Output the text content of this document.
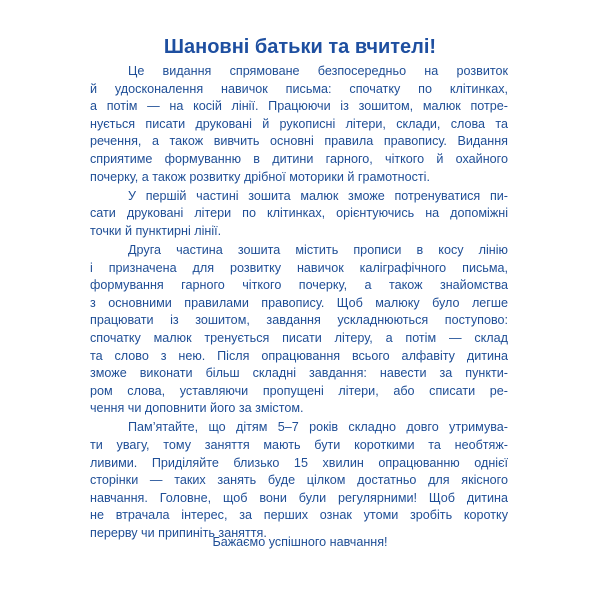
Шановні батьки та вчителі!
Це видання спрямоване безпосередньо на розвиток
й удосконалення навичок письма: спочатку по клітинках,
а потім — на косій лінії. Працюючи із зошитом, малюк потре-
нується писати друковані й рукописні літери, склади, слова та
речення, а також вивчить основні правила правопису. Видання
сприятиме формуванню в дитини гарного, чіткого й охайного
почерку, а також розвитку дрібної моторики й грамотності.
У першій частині зошита малюк зможе потренуватися пи-
сати друковані літери по клітинках, орієнтуючись на допоміжні
точки й пунктирні лінії.
Друга частина зошита містить прописи в косу лінію
і призначена для розвитку навичок каліграфічного письма,
формування гарного чіткого почерку, а також знайомства
з основними правилами правопису. Щоб малюку було легше
працювати із зошитом, завдання ускладнюються поступово:
спочатку малюк тренується писати літеру, а потім — склад
та слово з нею. Після опрацювання всього алфавіту дитина
зможе виконати більш складні завдання: навести за пункти-
ром слова, уставляючи пропущені літери, або списати ре-
чення чи доповнити його за змістом.
Пам’ятайте, що дітям 5–7 років складно довго утримува-
ти увагу, тому заняття мають бути короткими та необтяж-
ливими. Приділяйте близько 15 хвилин опрацюванню однієї
сторінки — таких занять буде цілком достатньо для якісного
навчання. Головне, щоб вони були регулярними! Щоб дитина
не втрачала інтерес, за перших ознак утоми зробіть коротку
перерву чи припиніть заняття.
Бажаємо успішного навчання!
